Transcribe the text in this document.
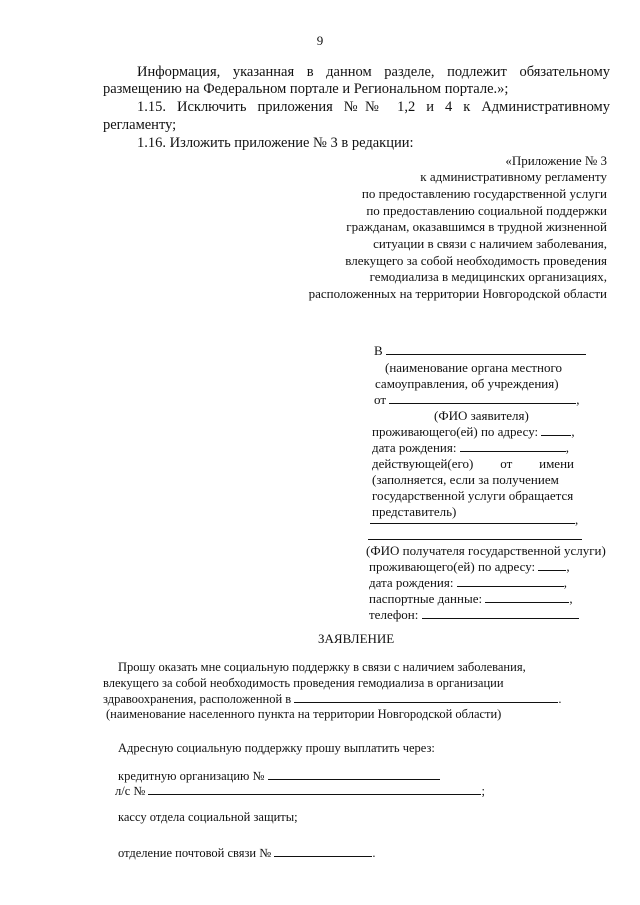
9
Информация, указанная в данном разделе, подлежит обязательному
размещению на Федеральном портале и Региональном портале.»;
1.15. Исключить приложения №№ 1,2 и 4 к Административному
регламенту;
1.16. Изложить приложение № 3 в редакции:
«Приложение № 3
к административному регламенту
по предоставлению государственной услуги
по предоставлению социальной поддержки
гражданам, оказавшимся в трудной жизненной
ситуации в связи с наличием заболевания,
влекущего за собой необходимость проведения
гемодиализа в медицинских организациях,
расположенных на территории Новгородской области
В
(наименование органа местного
самоуправления, об учреждения)
от	,
(ФИО заявителя)
проживающего(ей) по адресу:	,
дата рождения:	,
действующей(его) от имени
(заполняется, если за получением
государственной услуги обращается
представитель)
,
(ФИО получателя государственной услуги)
проживающего(ей) по адресу: ,
дата рождения:	,
паспортные данные:	,
телефон:
ЗАЯВЛЕНИЕ
Прошу оказать мне социальную поддержку в связи с наличием заболевания,
влекущего за собой необходимость проведения гемодиализа в организации
здравоохранения, расположенной в	.
(наименование населенного пункта на территории Новгородской области)
Адресную социальную поддержку прошу выплатить через:
кредитную организацию №
л/с №	;
кассу отдела социальной защиты;
отделение почтовой связи №	.
